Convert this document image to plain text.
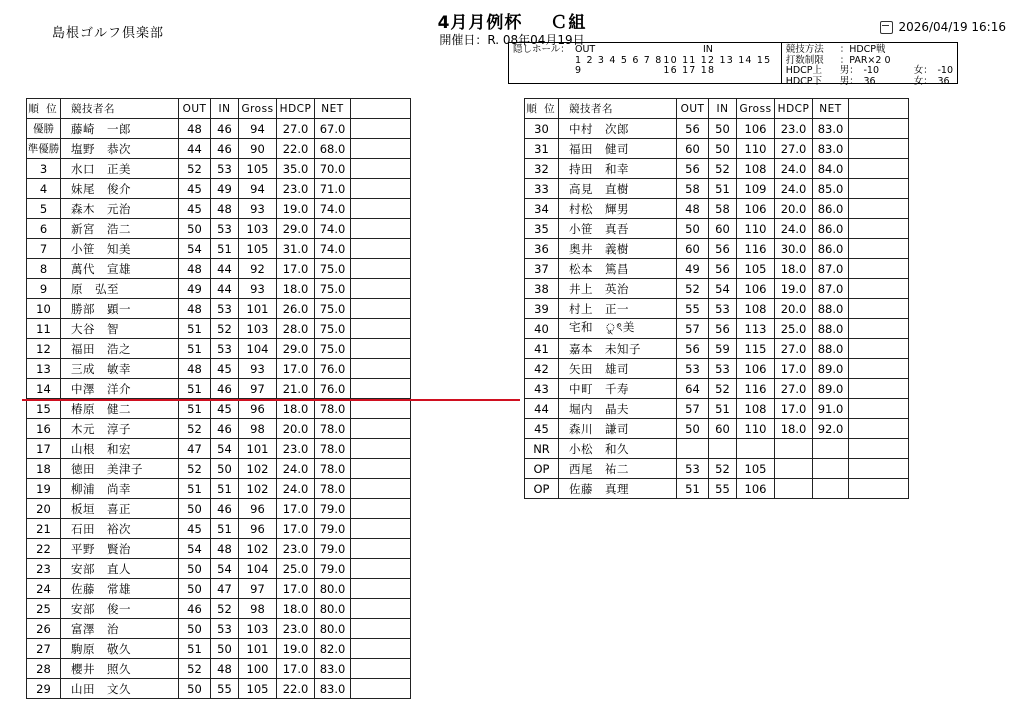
島根ゴルフ倶楽部
4月月例杯 Ｃ組
開催日：R. 08年04月19日
2026/04/19 16:16
隠しホール： OUT	IN
1 2 3 4 5 6 7 8 9
10 11 12 13 14 15 16 17 18
競技方法	：HDCP戦
打数制限	：PAR×2 0
HDCP上	男：　 -10	女：　 -10
HDCP下	男：　 36	女：　 36
順 位	競技者名	OUT	IN	Gross	HDCP	NET	
優勝	藤崎　一郎	48	46	94	27.0	67.0	
準優勝	塩野　恭次	44	46	90	22.0	68.0	
3	水口　正美	52	53	105	35.0	70.0	
4	妹尾　俊介	45	49	94	23.0	71.0	
5	森木　元治	45	48	93	19.0	74.0	
6	新宮　浩二	50	53	103	29.0	74.0	
7	小笹　知美	54	51	105	31.0	74.0	
8	萬代　宣雄	48	44	92	17.0	75.0	
9	原　弘至	49	44	93	18.0	75.0	
10	勝部　顕一	48	53	101	26.0	75.0	
11	大谷　智	51	52	103	28.0	75.0	
12	福田　浩之	51	53	104	29.0	75.0	
13	三成　敏幸	48	45	93	17.0	76.0	
14	中澤　洋介	51	46	97	21.0	76.0	
15	椿原　健二	51	45	96	18.0	78.0	
16	木元　淳子	52	46	98	20.0	78.0	
17	山根　和宏	47	54	101	23.0	78.0	
18	徳田　美津子	52	50	102	24.0	78.0	
19	柳浦　尚幸	51	51	102	24.0	78.0	
20	板垣　喜正	50	46	96	17.0	79.0	
21	石田　裕次	45	51	96	17.0	79.0	
22	平野　賢治	54	48	102	23.0	79.0	
23	安部　直人	50	54	104	25.0	79.0	
24	佐藤　常雄	50	47	97	17.0	80.0	
25	安部　俊一	46	52	98	18.0	80.0	
26	富澤　治	50	53	103	23.0	80.0	
27	駒原　敬久	51	50	101	19.0	82.0	
28	櫻井　照久	52	48	100	17.0	83.0	
29	山田　文久	50	55	105	22.0	83.0	
順 位	競技者名	OUT	IN	Gross	HDCP	NET	
30	中村　次郎	56	50	106	23.0	83.0	
31	福田　健司	60	50	110	27.0	83.0	
32	持田　和幸	56	52	108	24.0	84.0	
33	高見　直樹	58	51	109	24.0	85.0	
34	村松　輝男	48	58	106	20.0	86.0	
35	小笹　真吾	50	60	110	24.0	86.0	
36	奥井　義樹	60	56	116	30.0	86.0	
37	松本　篤昌	49	56	105	18.0	87.0	
38	井上　英治	52	54	106	19.0	87.0	
39	村上　正一	55	53	108	20.0	88.0	
40	宅和　ুৎ美	57	56	113	25.0	88.0	
41	嘉本　未知子	56	59	115	27.0	88.0	
42	矢田　雄司	53	53	106	17.0	89.0	
43	中町　千寿	64	52	116	27.0	89.0	
44	堀内　晶夫	57	51	108	17.0	91.0	
45	森川　謙司	50	60	110	18.0	92.0	
NR	小松　和久						
OP	西尾　祐二	53	52	105			
OP	佐藤　真理	51	55	106			
